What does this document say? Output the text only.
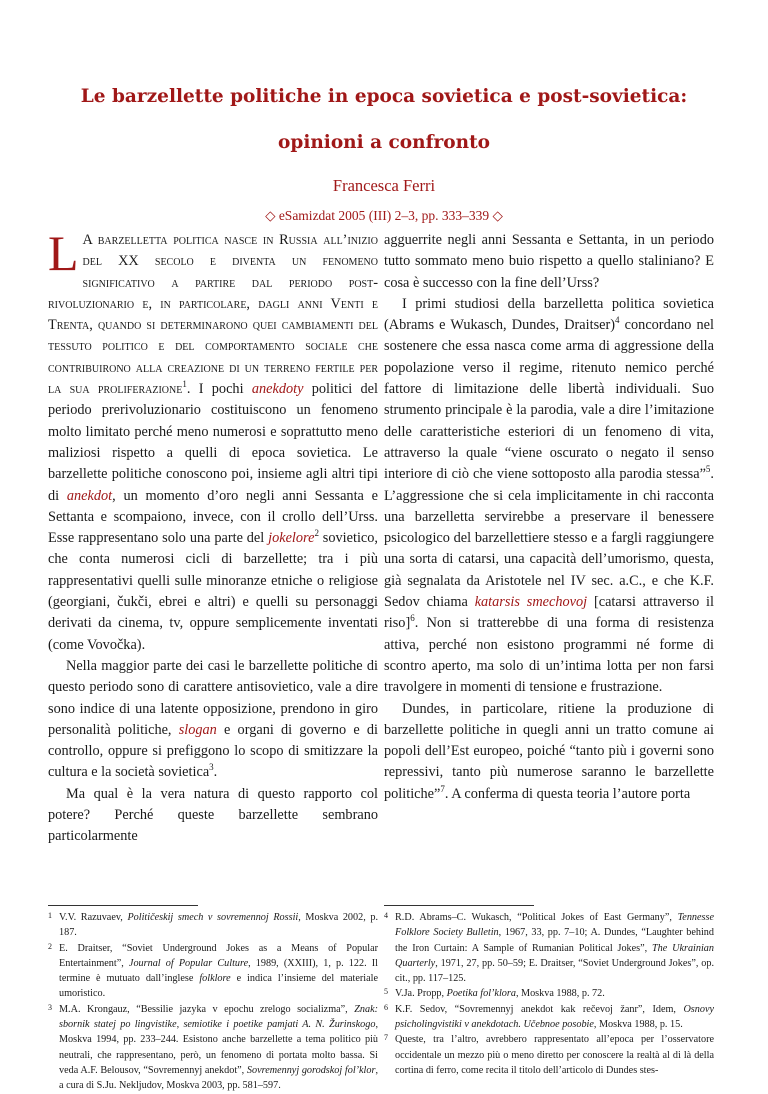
Le barzellette politiche in epoca sovietica e post-sovietica:
opinioni a confronto
Francesca Ferri
◇ eSamizdat 2005 (III) 2–3, pp. 333–339 ◇

L A barzelletta politica nasce in Russia all’inizio del XX secolo e diventa un fenomeno significativo a partire dal periodo post-rivoluzionario e, in particolare, dagli anni Venti e Trenta, quando si determinarono quei cambiamenti del tessuto politico e del comportamento sociale che contribuirono alla creazione di un terreno fertile per la sua proliferazione$^1$. I pochi anekdoty politici del periodo prerivoluzionario costituiscono un fenomeno molto limitato perché meno numerosi e soprattutto meno maliziosi rispetto a quelli di epoca sovietica. Le barzellette politiche conoscono poi, insieme agli altri tipi di anekdot, un momento d’oro negli anni Sessanta e Settanta e scompaiono, invece, con il crollo dell’Urss. Esse rappresentano solo una parte del jokelore$^2$ sovietico, che conta numerosi cicli di barzellette; tra i più rappresentativi quelli sulle minoranze etniche o religiose (georgiani, čukči, ebrei e altri) e quelli su personaggi derivati da cinema, tv, oppure semplicemente inventati (come Vovočka).

Nella maggior parte dei casi le barzellette politiche di questo periodo sono di carattere antisovietico, vale a dire sono indice di una latente opposizione, prendono in giro personalità politiche, slogan e organi di governo e di controllo, oppure si prefiggono lo scopo di smitizzare la cultura e la società sovietica$^3$.

Ma qual è la vera natura di questo rapporto col potere? Perché queste barzellette sembrano particolarmente

agguerrite negli anni Sessanta e Settanta, in un periodo tutto sommato meno buio rispetto a quello staliniano? E cosa è successo con la fine dell’Urss?

I primi studiosi della barzelletta politica sovietica (Abrams e Wukasch, Dundes, Draitser)$^4$ concordano nel sostenere che essa nasca come arma di aggressione della popolazione verso il regime, ritenuto nemico perché fattore di limitazione delle libertà individuali. Suo strumento principale è la parodia, vale a dire l’imitazione delle caratteristiche esteriori di un fenomeno di vita, attraverso la quale “viene oscurato o negato il senso interiore di ciò che viene sottoposto alla parodia stessa”$^5$. L’aggressione che si cela implicitamente in chi racconta una barzelletta servirebbe a preservare il benessere psicologico del barzellettiere stesso e a fargli raggiungere una sorta di catarsi, una capacità dell’umorismo, questa, già segnalata da Aristotele nel IV sec. a.C., e che K.F. Sedov chiama katarsis smechovoj [catarsi attraverso il riso]$^6$. Non si tratterebbe di una forma di resistenza attiva, perché non esistono programmi né forme di scontro aperto, ma solo di un’intima lotta per non farsi travolgere in momenti di tensione e frustrazione.

Dundes, in particolare, ritiene la produzione di barzellette politiche in quegli anni un tratto comune ai popoli dell’Est europeo, poiché “tanto più i governi sono repressivi, tanto più numerose saranno le barzellette politiche”$^7$. A conferma di questa teoria l’autore porta

1 V.V. Razuvaev, Političeskij smech v sovremennoj Rossii, Moskva 2002, p. 187.

2 E. Draitser, “Soviet Underground Jokes as a Means of Popular Entertainment”, Journal of Popular Culture, 1989, (XXIII), 1, p. 122. Il termine è mutuato dall’inglese folklore e indica l’insieme del materiale umoristico.

3 M.A. Krongauz, “Bessilie jazyka v epochu zrelogo socializma”, Znak: sbornik statej po lingvistike, semiotike i poetike pamjati A. N. Žurinskogo, Moskva 1994, pp. 233–244. Esistono anche barzellette a tema politico più neutrali, che rappresentano, però, un fenomeno di portata molto bassa. Si veda A.F. Belousov, “Sovremennyj anekdot”, Sovremennyj gorodskoj fol’klor, a cura di S.Ju. Nekljudov, Moskva 2003, pp. 581–597.

4 R.D. Abrams–C. Wukasch, “Political Jokes of East Germany”, Tennesse Folklore Society Bulletin, 1967, 33, pp. 7–10; A. Dundes, “Laughter behind the Iron Curtain: A Sample of Rumanian Political Jokes”, The Ukrainian Quarterly, 1971, 27, pp. 50–59; E. Draitser, “Soviet Underground Jokes”, op. cit., pp. 117–125.

5 V.Ja. Propp, Poetika fol’klora, Moskva 1988, p. 72.

6 K.F. Sedov, “Sovremennyj anekdot kak rečevoj žanr”, Idem, Osnovy psicholingvistiki v anekdotach. Učebnoe posobie, Moskva 1988, p. 15.

7 Queste, tra l’altro, avrebbero rappresentato all’epoca per l’osservatore occidentale un mezzo più o meno diretto per conoscere la realtà al di là della cortina di ferro, come recita il titolo dell’articolo di Dundes stes-
